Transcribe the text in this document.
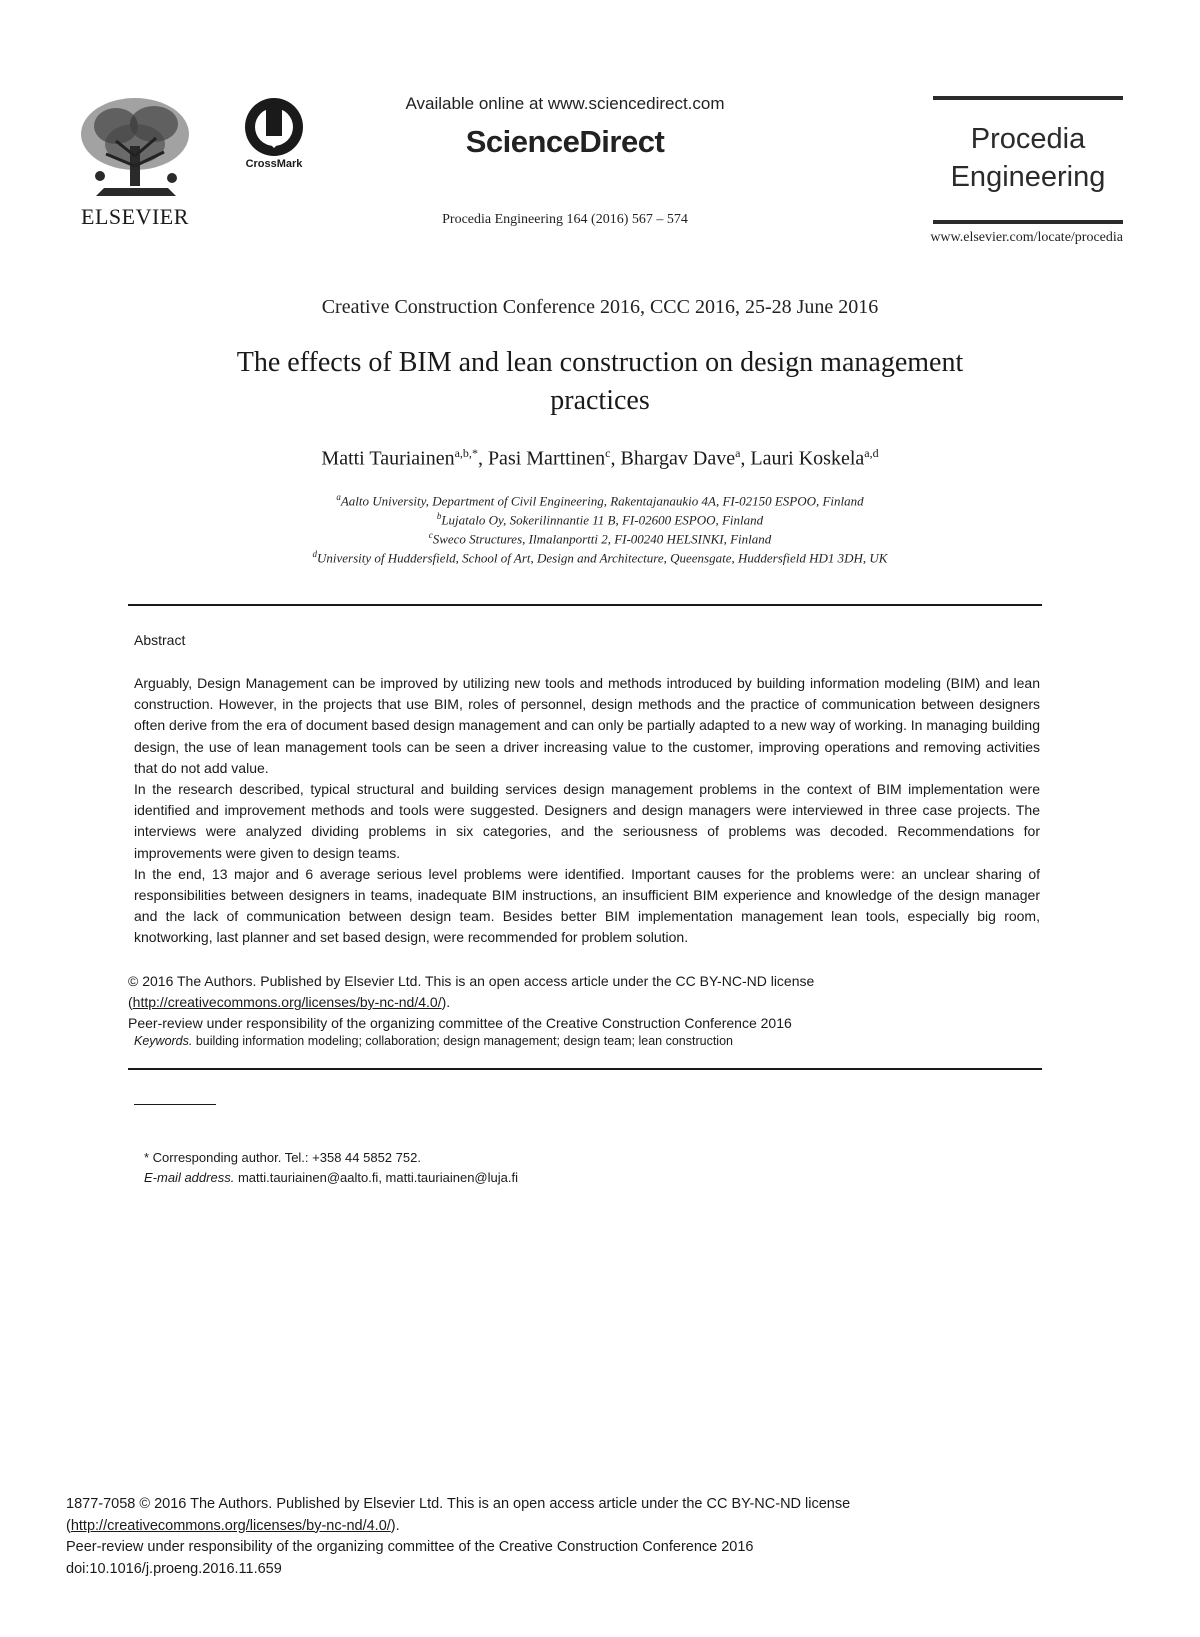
ELSEVIER
CrossMark
Available online at www.sciencedirect.com
ScienceDirect
Procedia Engineering 164 (2016) 567 – 574
Procedia
Engineering
www.elsevier.com/locate/procedia
Creative Construction Conference 2016, CCC 2016, 25-28 June 2016
The effects of BIM and lean construction on design management
practices
Matti Tauriainen$^{a,b,*}$, Pasi Marttinen$^c$, Bhargav Dave$^a$, Lauri Koskela$^{a,d}$
$^a$Aalto University, Department of Civil Engineering, Rakentajanaukio 4A, FI-02150 ESPOO, Finland
$^b$Lujatalo Oy, Sokerilinnantie 11 B, FI-02600 ESPOO, Finland
$^c$Sweco Structures, Ilmalanportti 2, FI-00240 HELSINKI, Finland
$^d$University of Huddersfield, School of Art, Design and Architecture, Queensgate, Huddersfield HD1 3DH, UK
Abstract

Arguably, Design Management can be improved by utilizing new tools and methods introduced by building information modeling (BIM) and lean construction. However, in the projects that use BIM, roles of personnel, design methods and the practice of communication between designers often derive from the era of document based design management and can only be partially adapted to a new way of working. In managing building design, the use of lean management tools can be seen a driver increasing value to the customer, improving operations and removing activities that do not add value.

In the research described, typical structural and building services design management problems in the context of BIM implementation were identified and improvement methods and tools were suggested. Designers and design managers were interviewed in three case projects. The interviews were analyzed dividing problems in six categories, and the seriousness of problems was decoded. Recommendations for improvements were given to design teams.

In the end, 13 major and 6 average serious level problems were identified. Important causes for the problems were: an unclear sharing of responsibilities between designers in teams, inadequate BIM instructions, an insufficient BIM experience and knowledge of the design manager and the lack of communication between design team. Besides better BIM implementation management lean tools, especially big room, knotworking, last planner and set based design, were recommended for problem solution.

© 2016 The Authors. Published by Elsevier Ltd. This is an open access article under the CC BY-NC-ND license
(http://creativecommons.org/licenses/by-nc-nd/4.0/).
Peer-review under responsibility of the organizing committee of the Creative Construction Conference 2016
Keywords. building information modeling; collaboration; design management; design team; lean construction
* Corresponding author. Tel.: +358 44 5852 752.
E-mail address. matti.tauriainen@aalto.fi, matti.tauriainen@luja.fi
1877-7058 © 2016 The Authors. Published by Elsevier Ltd. This is an open access article under the CC BY-NC-ND license
(http://creativecommons.org/licenses/by-nc-nd/4.0/).
Peer-review under responsibility of the organizing committee of the Creative Construction Conference 2016
doi:10.1016/j.proeng.2016.11.659
